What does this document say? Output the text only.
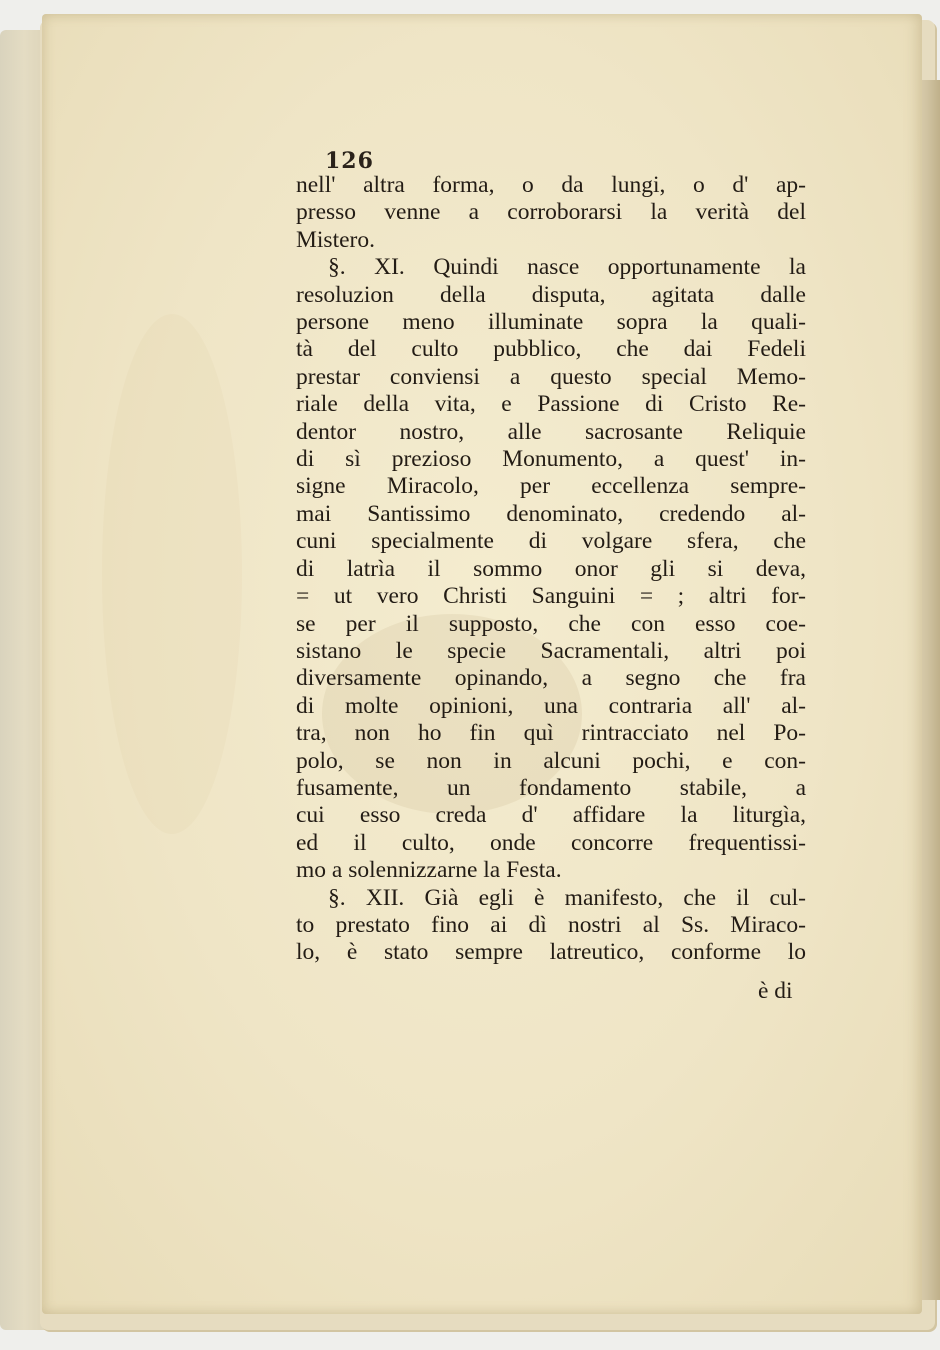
126
nell' altra forma, o da lungi, o d' ap-
presso venne a corroborarsi la verità del
Mistero.
§. XI. Quindi nasce opportunamente la
resoluzion della disputa, agitata dalle
persone meno illuminate sopra la quali-
tà del culto pubblico, che dai Fedeli
prestar conviensi a questo special Memo-
riale della vita, e Passione di Cristo Re-
dentor nostro, alle sacrosante Reliquie
di sì prezioso Monumento, a quest' in-
signe Miracolo, per eccellenza sempre-
mai Santissimo denominato, credendo al-
cuni specialmente di volgare sfera, che
di latrìa il sommo onor gli si deva,
= ut vero Christi Sanguini = ; altri for-
se per il supposto, che con esso coe-
sistano le specie Sacramentali, altri poi
diversamente opinando, a segno che fra
di molte opinioni, una contraria all' al-
tra, non ho fin quì rintracciato nel Po-
polo, se non in alcuni pochi, e con-
fusamente, un fondamento stabile, a
cui esso creda d' affidare la liturgìa,
ed il culto, onde concorre frequentissi-
mo a solennizzarne la Festa.
§. XII. Già egli è manifesto, che il cul-
to prestato fino ai dì nostri al Ss. Miraco-
lo, è stato sempre latreutico, conforme lo
è di
